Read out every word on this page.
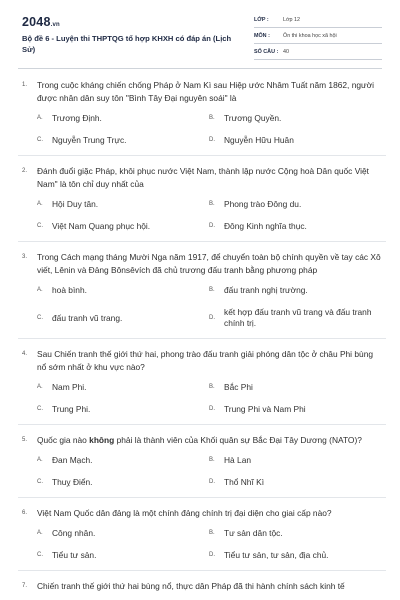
2048.vn
Bộ đề 6 - Luyện thi THPTQG tổ hợp KHXH có đáp án (Lịch Sử)
LỚP :	Lớp 12
MÔN :	Ôn thi khoa học xã hội
SỐ CÂU : 40
1.	Trong cuộc kháng chiến chống Pháp ở Nam Kì sau Hiệp ước Nhâm Tuất năm 1862, người được nhân dân suy tôn "Bình Tây Đại nguyên soái" là
A.	Trương Định.	B.	Trương Quyền.
C.	Nguyễn Trung Trực.	D.	Nguyễn Hữu Huân
2.	Đánh đuổi giặc Pháp, khôi phục nước Việt Nam, thành lập nước Cộng hoà Dân quốc Việt Nam" là tôn chỉ duy nhất của
A.	Hội Duy tân.	B.	Phong trào Đông du.
C.	Việt Nam Quang phục hội.	D.	Đông Kinh nghĩa thục.
3.	Trong Cách mạng tháng Mười Nga năm 1917, để chuyển toàn bộ chính quyền về tay các Xô viết, Lênin và Đảng Bônsêvích đã chủ trương đấu tranh bằng phương pháp
A.	hoà bình.	B.	đấu tranh nghị trường.
C.	đấu tranh vũ trang.	D.
kết hợp đấu tranh vũ trang và đấu tranh chính trị.
4.	Sau Chiến tranh thế giới thứ hai, phong trào đấu tranh giải phóng dân tộc ở châu Phi bùng nổ sớm nhất ở khu vực nào?
A.	Nam Phi.	B.	Bắc Phi
C.	Trung Phi.	D.	Trung Phi và Nam Phi
5.	Quốc gia nào không phải là thành viên của Khối quân sự Bắc Đại Tây Dương (NATO)?
A.	Đan Mạch.	B.	Hà Lan
C.	Thuỵ Điển.	D.	Thổ Nhĩ Kì
6.	Việt Nam Quốc dân đảng là một chính đảng chính trị đại diện cho giai cấp nào?
A.	Công nhân.	B.	Tư sản dân tộc.
C.	Tiểu tư sản.	D.	Tiểu tư sản, tư sản, địa chủ.
7.	Chiến tranh thế giới thứ hai bùng nổ, thực dân Pháp đã thi hành chính sách kinh tế
